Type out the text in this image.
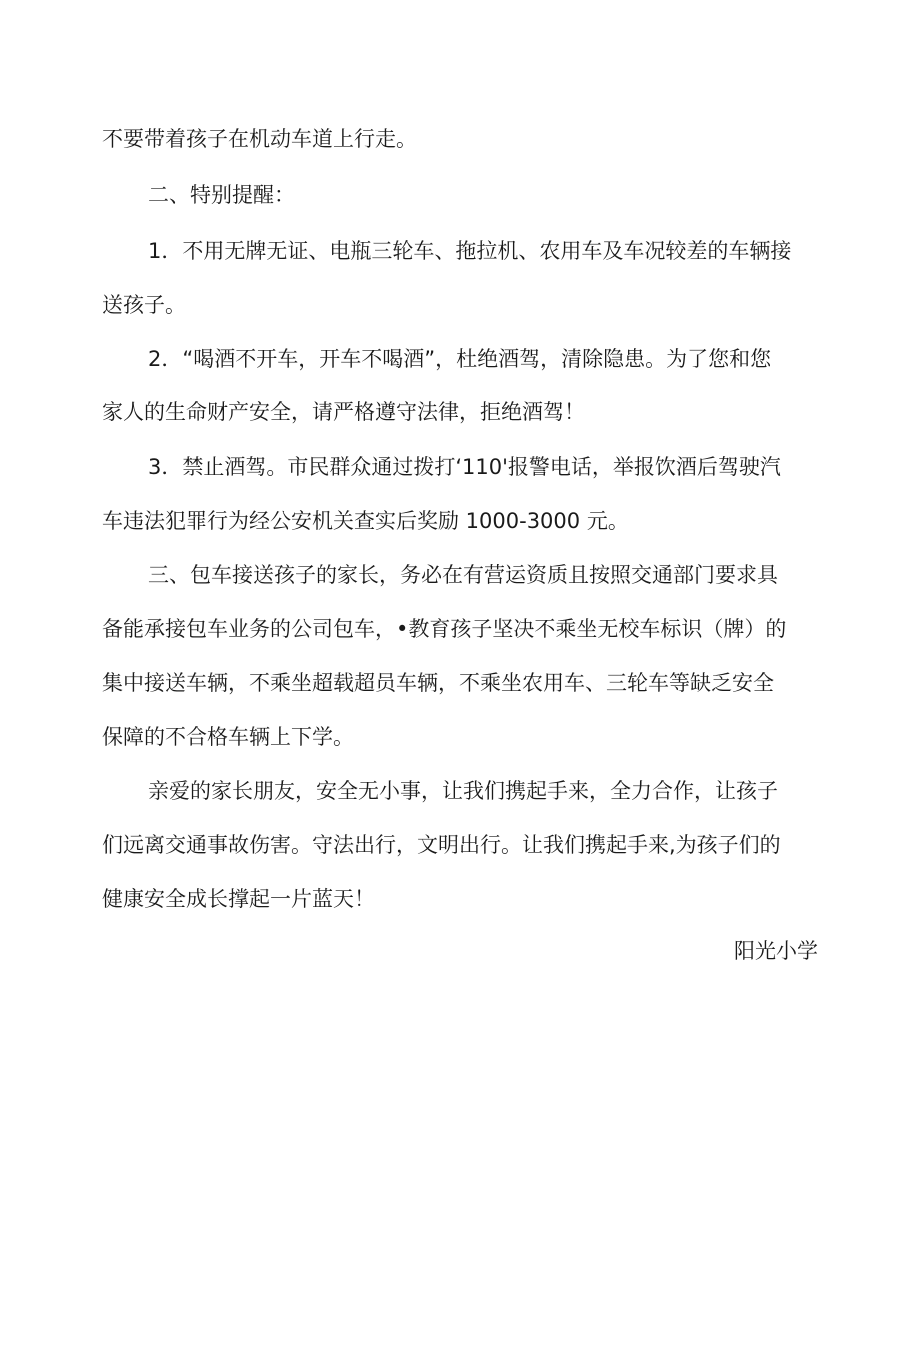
不要带着孩子在机动车道上行走。
二、特别提醒：
1．不用无牌无证、电瓶三轮车、拖拉机、农用车及车况较差的车辆接
送孩子。
2．“喝酒不开车，开车不喝酒”，杜绝酒驾，清除隐患。为了您和您
家人的生命财产安全，请严格遵守法律，拒绝酒驾！
3．禁止酒驾。市民群众通过拨打‘110'报警电话，举报饮酒后驾驶汽
车违法犯罪行为经公安机关查实后奖励 1000-3000 元。
三、包车接送孩子的家长，务必在有营运资质且按照交通部门要求具
备能承接包车业务的公司包车，•教育孩子坚决不乘坐无校车标识（牌）的
集中接送车辆，不乘坐超载超员车辆，不乘坐农用车、三轮车等缺乏安全
保障的不合格车辆上下学。
亲爱的家长朋友，安全无小事，让我们携起手来，全力合作，让孩子
们远离交通事故伤害。守法出行，文明出行。让我们携起手来,为孩子们的
健康安全成长撑起一片蓝天！
阳光小学
